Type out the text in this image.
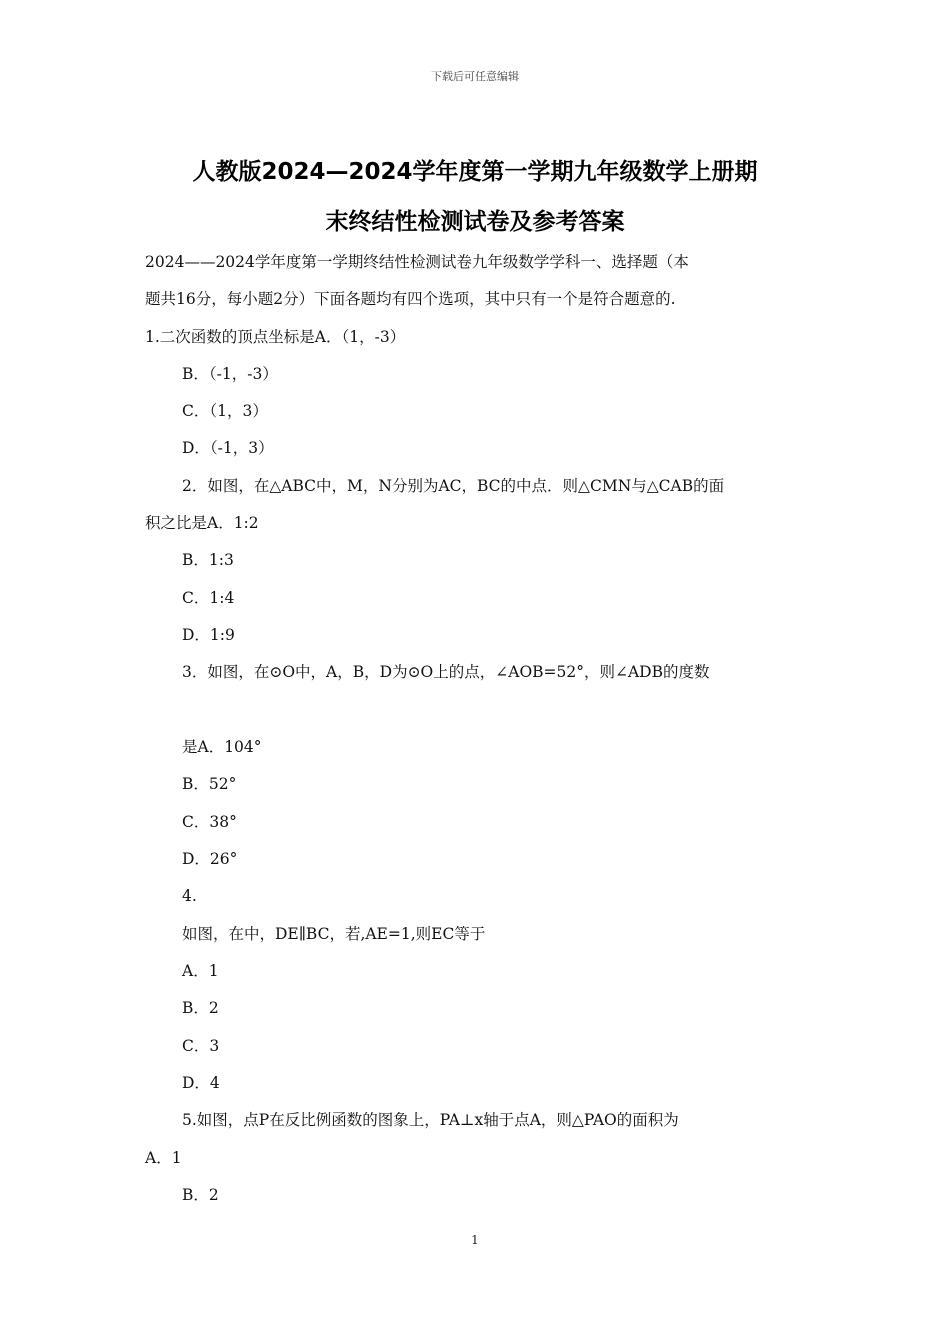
下载后可任意编辑
人教版2024—2024学年度第一学期九年级数学上册期
末终结性检测试卷及参考答案
2024——2024学年度第一学期终结性检测试卷九年级数学学科一、选择题（本
题共16分，每小题2分）下面各题均有四个选项，其中只有一个是符合题意的.
1.二次函数的顶点坐标是A．（1，-3）
B．（-1，-3）
C．（1，3）
D．（-1，3）
2．如图，在△ABC中，M，N分别为AC，BC的中点．则△CMN与△CAB的面
积之比是A．1:2
B．1:3
C．1:4
D．1:9
3．如图，在⊙O中，A，B，D为⊙O上的点，∠AOB=52°，则∠ADB的度数
是A．104°
B．52°
C．38°
D．26°
4.
如图，在中，DE∥BC，若,AE=1,则EC等于
A．1
B．2
C．3
D．4
5.如图，点P在反比例函数的图象上，PA⊥x轴于点A，则△PAO的面积为
A．1
B．2
1
